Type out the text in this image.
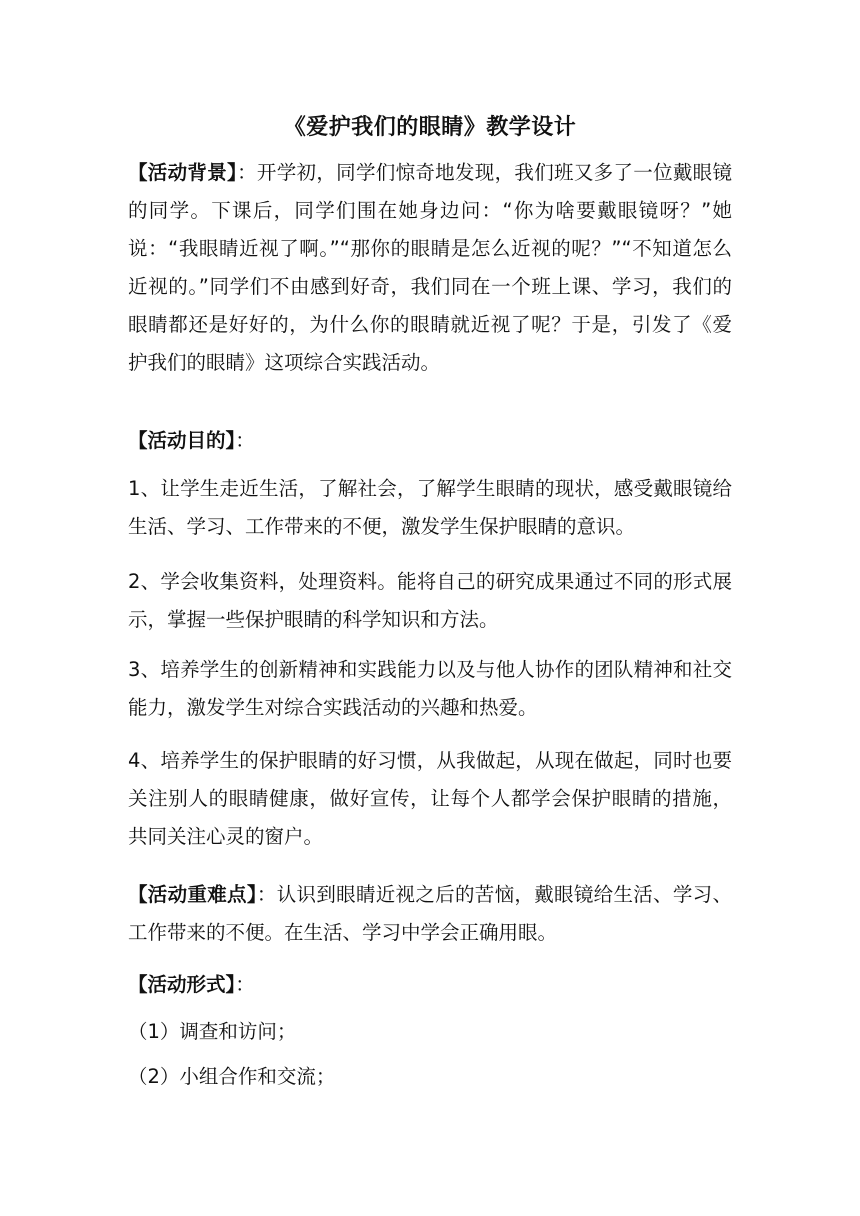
《爱护我们的眼睛》教学设计
【活动背景】：开学初，同学们惊奇地发现，我们班又多了一位戴眼镜的同学。下课后，同学们围在她身边问：“你为啥要戴眼镜呀？”她说：“我眼睛近视了啊。”“那你的眼睛是怎么近视的呢？”“不知道怎么近视的。”同学们不由感到好奇，我们同在一个班上课、学习，我们的眼睛都还是好好的，为什么你的眼睛就近视了呢？于是，引发了《爱护我们的眼睛》这项综合实践活动。
【活动目的】：
1、让学生走近生活，了解社会，了解学生眼睛的现状，感受戴眼镜给生活、学习、工作带来的不便，激发学生保护眼睛的意识。
2、学会收集资料，处理资料。能将自己的研究成果通过不同的形式展示，掌握一些保护眼睛的科学知识和方法。
3、培养学生的创新精神和实践能力以及与他人协作的团队精神和社交能力，激发学生对综合实践活动的兴趣和热爱。
4、培养学生的保护眼睛的好习惯，从我做起，从现在做起，同时也要关注别人的眼睛健康，做好宣传，让每个人都学会保护眼睛的措施，共同关注心灵的窗户。
【活动重难点】：认识到眼睛近视之后的苦恼，戴眼镜给生活、学习、工作带来的不便。在生活、学习中学会正确用眼。
【活动形式】：
（1）调查和访问；
（2）小组合作和交流；
